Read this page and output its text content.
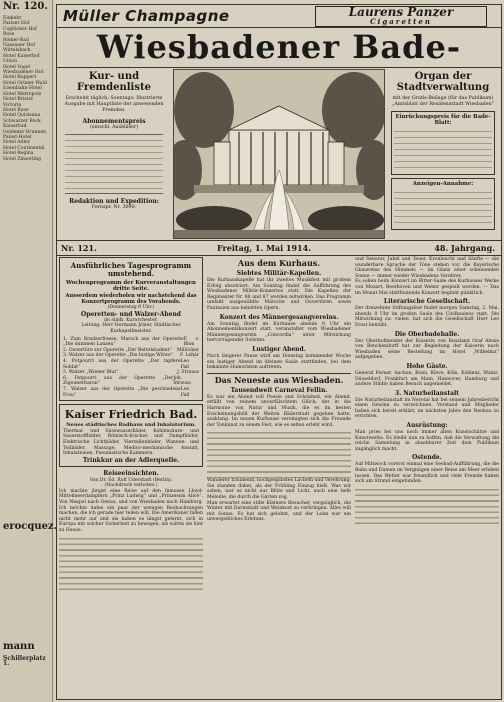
Nr. 120.
Einkehr
Pariser Hof
Coglücker Hof
Rose
Römer-Bad
Nassauer Hof
Wittelsbach
Hotel Kaiserhof
Union
Hotel Vogel
Wiesbadener Hof
Hotel Ruppert
Hotel Grüner Wald
Eisenbahn-Hotel
Hotel Metropole
Hotel Bristol
Victoria
Hotel Rose
Hotel Quisisana
Schwarzer Bock
Kaiserbad
Goldener Brunnen
Palast-Hotel
Hotel Adler
Hotel Continental
Hotel Regina
Hotel Zinserling
erocquez.
mann
Schillerplatz 1.
Müller Champagne	Laurens Panzer
Cigaretten
Wiesbadener Bade-
Kur- und
Fremdenliste
Erscheint täglich; Sonntags: Illustrierte Ausgabe mit Hauptliste der anwesenden Fremden.
Abonnementspreis
(einschl. Ausbläser)
Redaktion und Expedition:
Fernspr. Nr. 3690.
Organ der
Stadtverwaltung
mit der Gratis-Beilage (für das Publikum) „Amtsblatt der Residenzstadt Wiesbaden“
Einrückungspreis für die Bade-Blatt:
Anzeigen-Annahme:
Nr. 121.	Freitag, 1. Mai 1914.	48. Jahrgang.
Ausführliches Tagesprogramm umstehend.
Wochenprogramm der Kurveranstaltungen dritte Seite.
Ausserdem wiederholen wir nachstehend das Konzertprogramm des Vorabends.
(Donnerstag 8 Uhr.)
Operetten- und Walzer-Abend
im städt. Kurorchester.
Leitung: Herr Hermann Jrmer, Städtischer Kurkapellmeister.
1. Zum Bradzerfresse, Marsch aus der Operette „Die dummen Lanzen“
F. v. Blon
2. Ouvertüre zur Operette „Der Bettelstudent“ Millöcker
3. Walzer aus der Operette „Die lustige Witwe“ F. Lehár
4. Potpourri aus der Operette „Der tapfere Soldat“
Leo Fall
5. Walzer „Wiener Blut“	J. Strauss
6. Potpourri aus der Operette „Der Zigeunerbaron“
Joh. Strauss
7. Walzer aus der Operette „Die geschiedene Frau“
Leo Fall
Kaiser Friedrich Bad.
Neues städtisches Badhaus und Inhalatorium.
Thermal- und Süsswasserbäder, Kohlensäure- und Sauerstoffbäder, Römisch-Irisches und Dampfbäder, Elektrische Lichtbäder, Vierzellenbäder, Wannen- und Teilbäder, Massage, Medico-mechanische Anstalt, Inhalationen, Pneumatische Kammern.
Trinkkur an der Adlerquelle.
Reiseeinsichten.
Von Dr. Ed. Rolf Uderstadt (Berlin).
(Nachdruck verboten.)
Ich machte jüngst eine Reise auf den famosen Lloyd-Mittelmeerdampfern „Prinz Ludwig“ und „Prinzessin Alice“. Von Neapel nach Genua, und von Wiesbaden nach Hamburg. Ich möchte dabei ein paar der wenigen Beobachtungen machen, die ich gerade hier teilen will. Die Amerikaner fallen nicht mehr auf und sie haben es längst gelernt, sich in Europa mit solcher Sicherheit zu bewegen, als wären sie hier zu Hause.
Aus dem Kurhaus.
Siebtes Militär-Kapellen.
Die Kurhauskapelle hat ihr zweites Musikfest mit großem Erfolg absolviert. Am Sonntag findet die Aufführung des Wiesbadener Militär-Konzertes statt. Die Kapellen der Regimenter Nr. 80 und 87 werden mitwirken. Das Programm umfaßt ausgewählte Märsche und Ouvertüren sowie Fantasien aus beliebten Opern.
Konzert des Männergesangvereins.
Am Sonntag findet im Kurhause abends 8 Uhr ein Abonnementskonzert statt, veranstaltet vom Wiesbadener Männergesangverein „Concordia“ unter Mitwirkung hervorragender Solisten.
Lustiger Abend.
Nach längerer Pause wird am Dienstag kommender Woche ein lustiger Abend im kleinen Saale stattfinden, bei dem bekannte Humoristen auftreten.
Das Neueste aus Wiesbaden.
Tausendweit Carneval Fellin.
Es war ein Abend voll Poesie und Schönheit, ein Abend, erfüllt von reinem unverfälschtem Glück, der in die Harmonie von Natur und Musik, die es im besten Erscheinungsbild der Weiten Bäderstadt gegeben hatte, ausklang. Im neuen Kurhause vereinigten sich die Freunde der Tonkunst zu einem Fest, wie es selten erlebt wird.
Wanderer träumend, hochgespinstes Lächeln und Verehrung; Sie standen dabei, als der Frühling Einzug hielt. Was wir sahen, war es nicht nur Blüte und Licht, auch eine tiefe Melodie, die durch die Gärten zog.
Man erwartet eine stille Kleinere Besucher, vergnüglich, die Winter mit Darmstadt und Weinkost zu verbringen. Alles will mit Sonne. Es hat sich gelohnt, und der Lohn war ein unvergeßliches Erlebnis.
und Senorer, Juhel und Teuer, Kronleucht und Sänfte — die wunderbare Sprache der Töne stehen vor, die Bayerische Glanzreise des Himmels — im Glanz einer scheinenden Sonne — immer wieder Wiesbadens Verehrer.
Es sollen beim Konzert im Ritter-Saale des Kurhauses Werke von Mozart, Beethoven und Weber gespielt werden. — Das im Monat Mai stattfindende Konzert beginnt pünktlich.
Literarische Gesellschaft.
Der dreizehnte Stiftungsfest findet morgen Samstag, 2. Mai, abends 8 Uhr im großen Saale des Civilkasinos statt. Die Mitwirkung zu: vielen, hat sich die Gesellschaft Herr Leo Frost bemüht.
Die Oberbadehalle.
Der Oberhofmeister der Kaiserin von Russland Graf Alexis von Benckendorff hat zur Begleitung der Kaiserin nach Wiesbaden seine Bestellung im Hotel „Wilhelma“ aufgegeben.
Hohe Gäste.
General Ferner, Aachen, Bonn, Kleve, Köln, Koblenz, Mainz, Düsseldorf, Frankfurt am Main, Hannover, Hamburg und andere Städte haben Besuch angemeldet.
3. Naturheilanstalt
Die Naturheilanstalt im Nerotal hat bei seinem Jahresbericht einen Gewinn zu verzeichnen. Vorstand und Mitglieder haben sich bereit erklärt, im nächsten Jahre den Neubau zu errichten.
Ausrüstung:
Man pries bei uns noch immer alten Kunstschätze und Kunstwerke. Es bleibt nun zu hoffen, daß die Verwaltung die reiche Sammlung in absehbarer Zeit dem Publikum zugänglich macht.
Ostende.
Auf Mittwoch vorerst einmal eine Seebad-Aufführung, die die Bahn und Damen im Vergnügen einer Reise am Meer erleben lassen. Das Wetter war freundlich und viele Fremde haben sich am Strand eingefunden.
